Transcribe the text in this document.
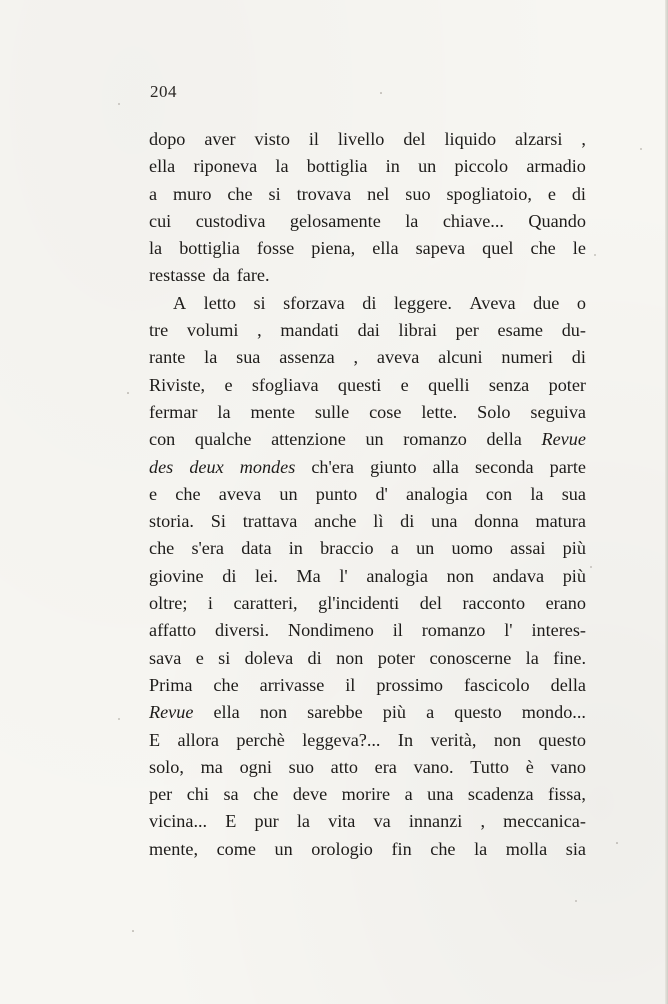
204
dopo aver visto il livello del liquido alzarsi ,
ella riponeva la bottiglia in un piccolo armadio
a muro che si trovava nel suo spogliatoio, e di
cui custodiva gelosamente la chiave... Quando
la bottiglia fosse piena, ella sapeva quel che le
restasse da fare.
A letto si sforzava di leggere. Aveva due o
tre volumi , mandati dai librai per esame du-
rante la sua assenza , aveva alcuni numeri di
Riviste, e sfogliava questi e quelli senza poter
fermar la mente sulle cose lette. Solo seguiva
con qualche attenzione un romanzo della Revue
des deux mondes ch'era giunto alla seconda parte
e che aveva un punto d' analogia con la sua
storia. Si trattava anche lì di una donna matura
che s'era data in braccio a un uomo assai più
giovine di lei. Ma l' analogia non andava più
oltre; i caratteri, gl'incidenti del racconto erano
affatto diversi. Nondimeno il romanzo l' interes-
sava e si doleva di non poter conoscerne la fine.
Prima che arrivasse il prossimo fascicolo della
Revue ella non sarebbe più a questo mondo...
E allora perchè leggeva?... In verità, non questo
solo, ma ogni suo atto era vano. Tutto è vano
per chi sa che deve morire a una scadenza fissa,
vicina... E pur la vita va innanzi , meccanica-
mente, come un orologio fin che la molla sia
